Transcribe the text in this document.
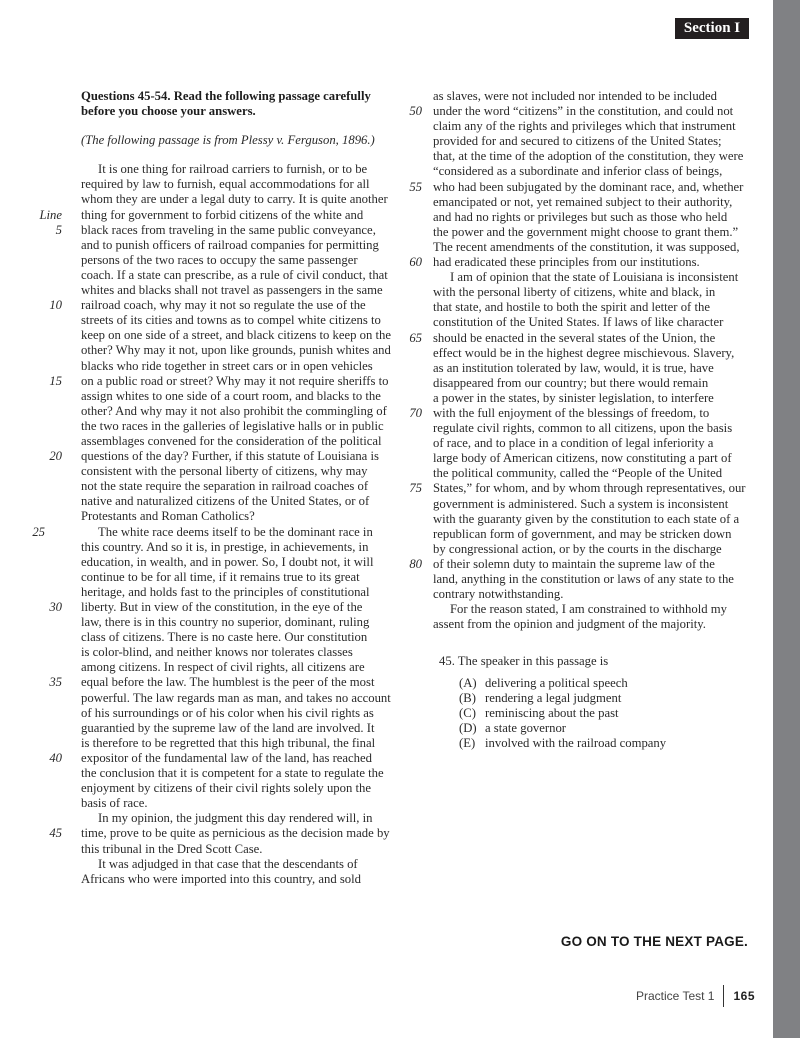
Section I
Questions 45-54. Read the following passage carefully
before you choose your answers.
(The following passage is from Plessy v. Ferguson, 1896.)
It is one thing for railroad carriers to furnish, or to be
required by law to furnish, equal accommodations for all
whom they are under a legal duty to carry. It is quite another
Line thing for government to forbid citizens of the white and
5 black races from traveling in the same public conveyance,
and to punish officers of railroad companies for permitting
persons of the two races to occupy the same passenger
coach. If a state can prescribe, as a rule of civil conduct, that
whites and blacks shall not travel as passengers in the same
10 railroad coach, why may it not so regulate the use of the
streets of its cities and towns as to compel white citizens to
keep on one side of a street, and black citizens to keep on the
other? Why may it not, upon like grounds, punish whites and
blacks who ride together in street cars or in open vehicles
15 on a public road or street? Why may it not require sheriffs to
assign whites to one side of a court room, and blacks to the
other? And why may it not also prohibit the commingling of
the two races in the galleries of legislative halls or in public
assemblages convened for the consideration of the political
20 questions of the day? Further, if this statute of Louisiana is
consistent with the personal liberty of citizens, why may
not the state require the separation in railroad coaches of
native and naturalized citizens of the United States, or of
Protestants and Roman Catholics?
25	The white race deems itself to be the dominant race in
this country. And so it is, in prestige, in achievements, in
education, in wealth, and in power. So, I doubt not, it will
continue to be for all time, if it remains true to its great
heritage, and holds fast to the principles of constitutional
30 liberty. But in view of the constitution, in the eye of the
law, there is in this country no superior, dominant, ruling
class of citizens. There is no caste here. Our constitution
is color-blind, and neither knows nor tolerates classes
among citizens. In respect of civil rights, all citizens are
35 equal before the law. The humblest is the peer of the most
powerful. The law regards man as man, and takes no account
of his surroundings or of his color when his civil rights as
guarantied by the supreme law of the land are involved. It
is therefore to be regretted that this high tribunal, the final
40 expositor of the fundamental law of the land, has reached
the conclusion that it is competent for a state to regulate the
enjoyment by citizens of their civil rights solely upon the
basis of race.
In my opinion, the judgment this day rendered will, in
45 time, prove to be quite as pernicious as the decision made by
this tribunal in the Dred Scott Case.
It was adjudged in that case that the descendants of
Africans who were imported into this country, and sold
as slaves, were not included nor intended to be included
50 under the word “citizens” in the constitution, and could not
claim any of the rights and privileges which that instrument
provided for and secured to citizens of the United States;
that, at the time of the adoption of the constitution, they were
“considered as a subordinate and inferior class of beings,
55 who had been subjugated by the dominant race, and, whether
emancipated or not, yet remained subject to their authority,
and had no rights or privileges but such as those who held
the power and the government might choose to grant them.”
The recent amendments of the constitution, it was supposed,
60 had eradicated these principles from our institutions.
I am of opinion that the state of Louisiana is inconsistent
with the personal liberty of citizens, white and black, in
that state, and hostile to both the spirit and letter of the
constitution of the United States. If laws of like character
65 should be enacted in the several states of the Union, the
effect would be in the highest degree mischievous. Slavery,
as an institution tolerated by law, would, it is true, have
disappeared from our country; but there would remain
a power in the states, by sinister legislation, to interfere
70 with the full enjoyment of the blessings of freedom, to
regulate civil rights, common to all citizens, upon the basis
of race, and to place in a condition of legal inferiority a
large body of American citizens, now constituting a part of
the political community, called the “People of the United
75 States,” for whom, and by whom through representatives, our
government is administered. Such a system is inconsistent
with the guaranty given by the constitution to each state of a
republican form of government, and may be stricken down
by congressional action, or by the courts in the discharge
80 of their solemn duty to maintain the supreme law of the
land, anything in the constitution or laws of any state to the
contrary notwithstanding.
For the reason stated, I am constrained to withhold my
assent from the opinion and judgment of the majority.
45. The speaker in this passage is
(A) delivering a political speech
(B) rendering a legal judgment
(C) reminiscing about the past
(D) a state governor
(E) involved with the railroad company
GO ON TO THE NEXT PAGE.
Practice Test 1 165
